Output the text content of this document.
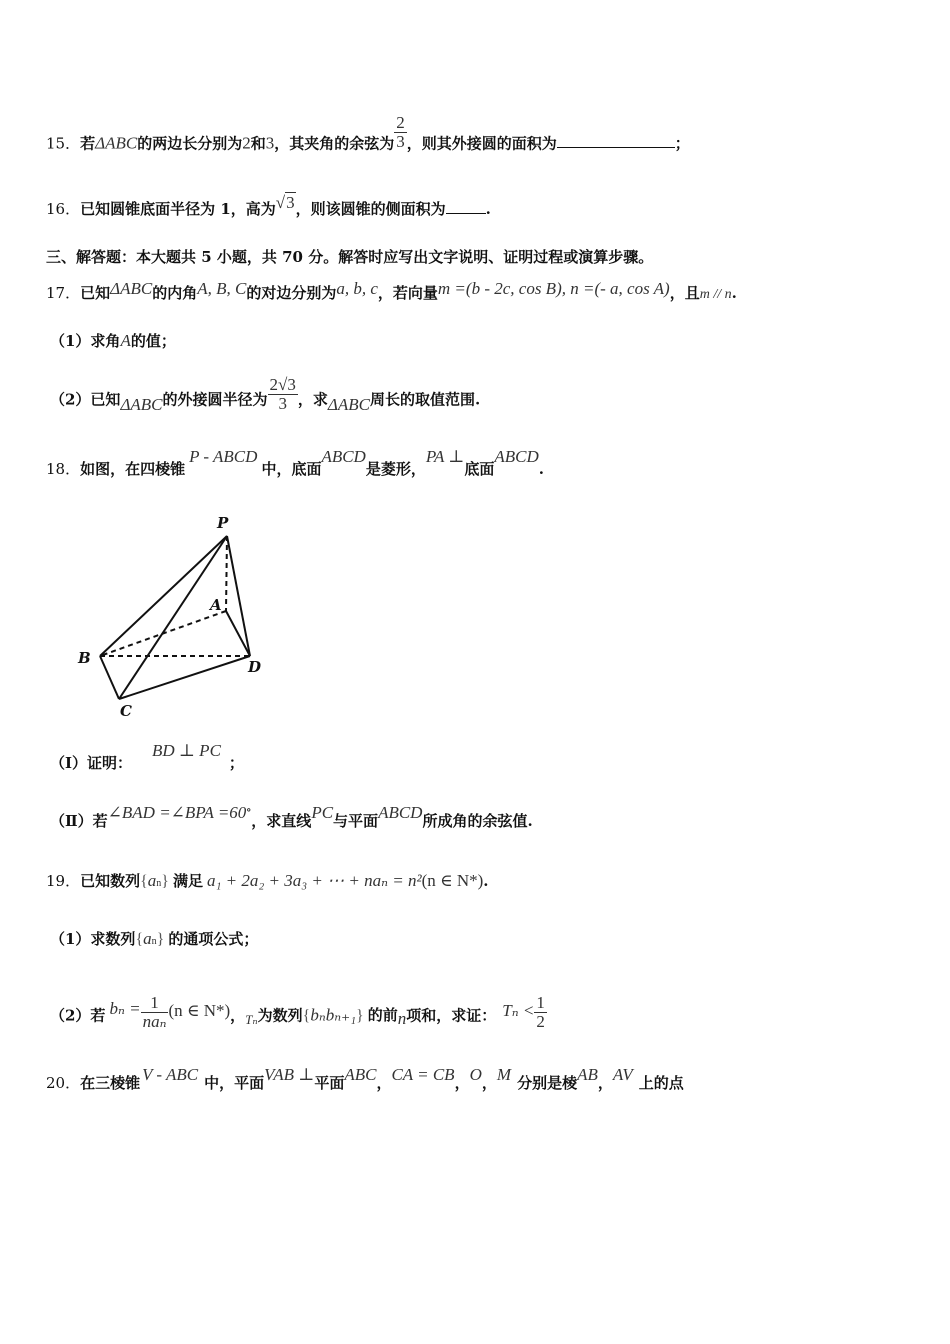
15．若ΔABC的两边长分别为2和3，其夹角的余弦为 $\frac{2}{3}$ ，则其外接圆的面积为	；
16．已知圆锥底面半径为 1，高为√3，则该圆锥的侧面积为	.
三、解答题：本大题共 5 小题，共 70 分。解答时应写出文字说明、证明过程或演算步骤。
17．已知ΔABC的内角A, B, C的对边分别为a, b, c，若向量m =(b - 2c, cos B), n =(- a, cos A)，且m // n.
（1）求角A的值；
（2）已知ΔABC的外接圆半径为 $\frac{2√3}{3}$ ，求ΔABC周长的取值范围.
18．如图，在四棱锥P - ABCD中，底面ABCD是菱形，PA ⊥底面ABCD.
P
A
B
C
D
（Ⅰ）证明：BD ⊥ PC；
（Ⅱ）若∠BAD =∠BPA =60°，求直线PC与平面ABCD所成角的余弦值.
19．已知数列{an} 满足 a₁ + 2a₂ + 3a₃ + ⋯ + naₙ = n²(n ∈ N*).
（1）求数列{an} 的通项公式；
（2）若 $b_n = \frac{1}{\text{naₙ}} (n$ ∈ N*)，Tₙ为数列{bₙbₙ₊₁} 的前n项和，求证： $T_n < \frac{1}{2}$
20．在三棱锥 V - ABC 中，平面VAB ⊥平面ABC，CA = CB，O，M 分别是棱AB，AV 上的点
